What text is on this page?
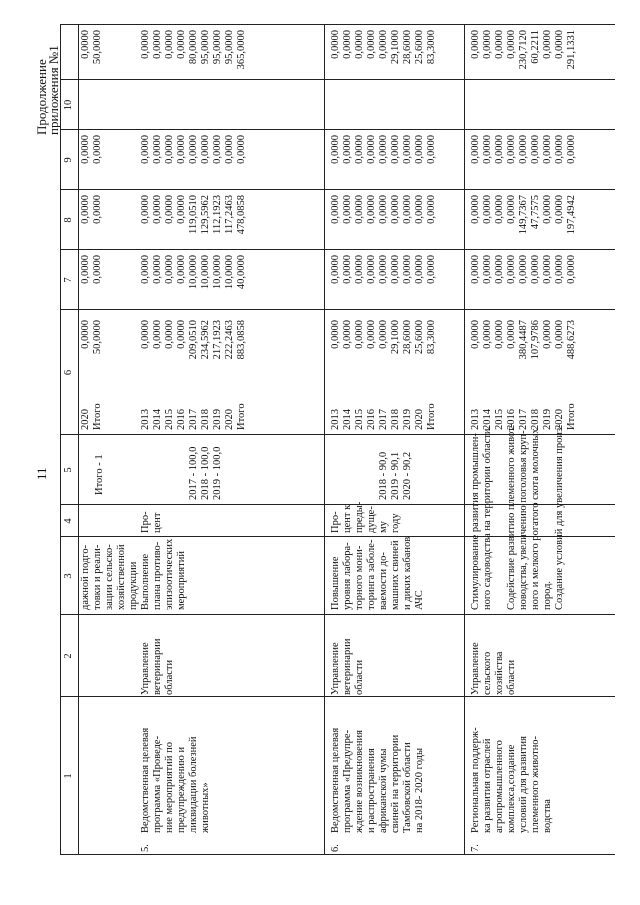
Продолжение приложения №1
11
1
2
3
4
5
6
7
8
9
10
дажной подго- товки и реали- зации сельско- хозяйственной продукции
Итого - 1
2020
0,0000
0,0000
0,0000
0,0000
0,0000
Итого
50,0000
0,0000
0,0000
0,0000
50,0000
5.
Ведомственная целевая программа «Проведе- ние мероприятий по предупреждению и ликвидации болезней животных»
Управление ветеринарии области
Выполнение плана противо- эпизоотических мероприятий
Про- цент
2017 - 100,0 2018 - 100,0 2019 - 100,0
2013
0,0000
0,0000
0,0000
0,0000
0,0000
2014
0,0000
0,0000
0,0000
0,0000
0,0000
2015
0,0000
0,0000
0,0000
0,0000
0,0000
2016
0,0000
0,0000
0,0000
0,0000
0,0000
2017
209,0510
10,0000
119,0510
0,0000
80,0000
2018
234,5962
10,0000
129,5962
0,0000
95,0000
2019
217,1923
10,0000
112,1923
0,0000
95,0000
2020
222,2463
10,0000
117,2463
0,0000
95,0000
Итого
883,0858
40,0000
478,0858
0,0000
365,0000
6.
Ведомственная целевая программа «Предупре- ждение возникновения и распространения африканской чумы свиней на территории Тамбовской области на 2018- 2020 годы
Управление ветеринарии области
Повышение уровня лабора- торного мони- торинга заболе- ваемости до- машних свиней и диких кабанов АЧС
Про- цент к преды- дуще- му году
2018 - 90,0 2019 - 90,1 2020 - 90,2
2013
0,0000
0,0000
0,0000
0,0000
0,0000
2014
0,0000
0,0000
0,0000
0,0000
0,0000
2015
0,0000
0,0000
0,0000
0,0000
0,0000
2016
0,0000
0,0000
0,0000
0,0000
0,0000
2017
0,0000
0,0000
0,0000
0,0000
0,0000
2018
29,1000
0,0000
0,0000
0,0000
29,1000
2019
28,6000
0,0000
0,0000
0,0000
28,6000
2020
25,6000
0,0000
0,0000
0,0000
25,6000
Итого
83,3000
0,0000
0,0000
0,0000
83,3000
7.
Региональная поддерж- ка развития отраслей агропромышленного комплекса,создание условий для развития племенного животно- водства
Управление сельского хозяйства области
Стимулирование развития промышлен- ного садоводства на территории области. Содействие развитию племенного живот- новодства, увеличению поголовья круп- ного и мелкого рогатого скота молочных пород. Создание условий для увеличения произ-
2013
0,0000
0,0000
0,0000
0,0000
0,0000
2014
0,0000
0,0000
0,0000
0,0000
0,0000
2015
0,0000
0,0000
0,0000
0,0000
0,0000
2016
0,0000
0,0000
0,0000
0,0000
0,0000
2017
380,4487
0,0000
149,7367
0,0000
230,7120
2018
107,9786
0,0000
47,7575
0,0000
60,2211
2019
0,0000
0,0000
0,0000
0,0000
0,0000
2020
0,0000
0,0000
0,0000
0,0000
0,0000
Итого
488,6273
0,0000
197,4942
0,0000
291,1331
